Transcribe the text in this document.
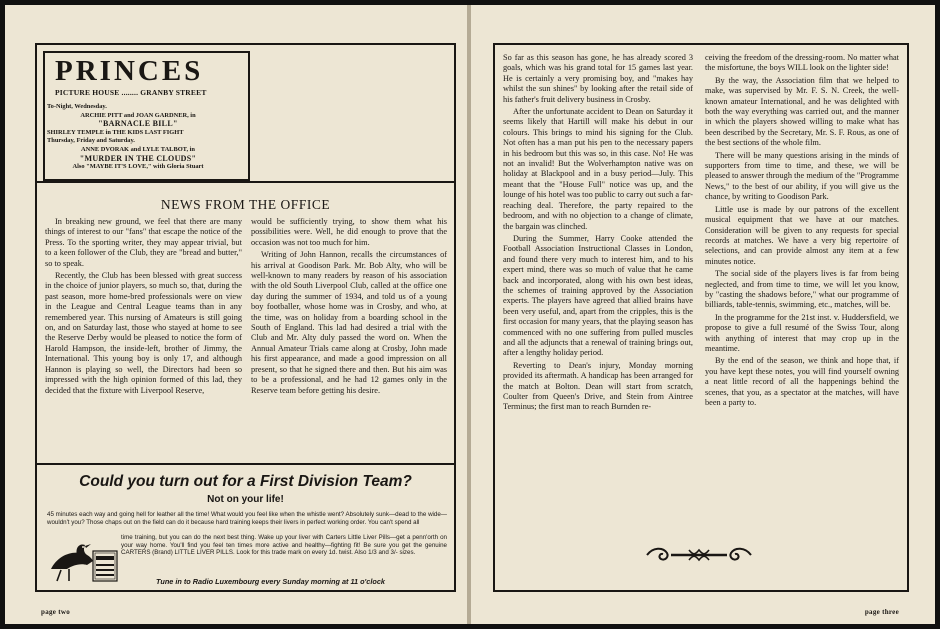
PRINCES
PICTURE HOUSE ........ GRANBY STREET
To-Night, Wednesday.
ARCHIE PITT and JOAN GARDNER, in
"BARNACLE BILL"
SHIRLEY TEMPLE in THE KIDS LAST FIGHT
Thursday, Friday and Saturday.
ANNE DVORAK and LYLE TALBOT, in
"MURDER IN THE CLOUDS"
Also "MAYBE IT'S LOVE," with Gloria Stuart
NEWS FROM THE OFFICE

In breaking new ground, we feel that there are many things of interest to our "fans" that escape the notice of the Press. To the sporting writer, they may appear trivial, but to a keen follower of the Club, they are "bread and butter," so to speak.

Recently, the Club has been blessed with great success in the choice of junior players, so much so, that, during the past season, more home-bred professionals were on view in the League and Central League teams than in any remembered year. This nursing of Amateurs is still going on, and on Saturday last, those who stayed at home to see the Reserve Derby would be pleased to notice the form of Harold Hampson, the inside-left, brother of Jimmy, the International. This young boy is only 17, and although Hannon is playing so well, the Directors had been so impressed with the high opinion formed of this lad, they decided that the fixture with Liverpool Reserve,

would be sufficiently trying, to show them what his possibilities were. Well, he did enough to prove that the occasion was not too much for him.

Writing of John Hannon, recalls the circumstances of his arrival at Goodison Park. Mr. Bob Alty, who will be well-known to many readers by reason of his association with the old South Liverpool Club, called at the office one day during the summer of 1934, and told us of a young boy footballer, whose home was in Crosby, and who, at the time, was on holiday from a boarding school in the South of England. This lad had desired a trial with the Club and Mr. Alty duly passed the word on. When the Annual Amateur Trials came along at Crosby, John made his first appearance, and made a good impression on all present, so that he signed there and then. But his aim was to be a professional, and he had 12 games only in the Reserve team before getting his desire.

Could you turn out for a First Division Team?
Not on your life!
45 minutes each way and going hell for leather all the time! What would you feel like when the whistle went? Absolutely sunk—dead to the wide—wouldn't you? Those chaps out on the field can do it because hard training keeps their livers in perfect working order. You can't spend all
time training, but you can do the next best thing. Wake up your liver with Carters Little Liver Pills—get a penn'orth on your way home. You'll find you feel ten times more active and healthy—fighting fit! Be sure you get the genuine CARTERS (Brand) LITTLE LIVER PILLS. Look for this trade mark on every 1d. twist. Also 1/3 and 3/- sizes.
Tune in to Radio Luxembourg every Sunday morning at 11 o'clock
page two

So far as this season has gone, he has already scored 3 goals, which was his grand total for 15 games last year. He is certainly a very promising boy, and "makes hay whilst the sun shines" by looking after the retail side of his father's fruit delivery business in Crosby.

After the unfortunate accident to Dean on Saturday it seems likely that Hartill will make his debut in our colours. This brings to mind his signing for the Club. Not often has a man put his pen to the necessary papers in his bedroom but this was so, in this case. No! He was not an invalid! But the Wolverhampton native was on holiday at Blackpool and in a busy period—July. This meant that the "House Full" notice was up, and the lounge of his hotel was too public to carry out such a far-reaching deal. Therefore, the party repaired to the bedroom, and with no objection to a change of climate, the bargain was clinched.

During the Summer, Harry Cooke attended the Football Association Instructional Classes in London, and found there very much to interest him, and to his expert mind, there was so much of value that he came back and incorporated, along with his own best ideas, the schemes of training approved by the Association experts. The players have agreed that allied brains have been very useful, and, apart from the cripples, this is the first occasion for many years, that the playing season has commenced with no one suffering from pulled muscles and all the adjuncts that a renewal of training brings out, after a lengthy holiday period.

Reverting to Dean's injury, Monday morning provided its aftermath. A handicap has been arranged for the match at Bolton. Dean will start from scratch, Coulter from Queen's Drive, and Stein from Aintree Terminus; the first man to reach Burnden re-

ceiving the freedom of the dressing-room. No matter what the misfortune, the boys WILL look on the lighter side!

By the way, the Association film that we helped to make, was supervised by Mr. F. S. N. Creek, the well-known amateur International, and he was delighted with both the way everything was carried out, and the manner in which the players showed willing to make what has been described by the Secretary, Mr. S. F. Rous, as one of the best sections of the whole film.

There will be many questions arising in the minds of supporters from time to time, and these, we will be pleased to answer through the medium of the "Programme News," to the best of our ability, if you will give us the chance, by writing to Goodison Park.

Little use is made by our patrons of the excellent musical equipment that we have at our matches. Consideration will be given to any requests for special records at matches. We have a very big repertoire of selections, and can provide almost any item at a few minutes notice.

The social side of the players lives is far from being neglected, and from time to time, we will let you know, by "casting the shadows before," what our programme of billiards, table-tennis, swimming, etc., matches, will be.

In the programme for the 21st inst. v. Huddersfield, we propose to give a full resumé of the Swiss Tour, along with anything of interest that may crop up in the meantime.

By the end of the season, we think and hope that, if you have kept these notes, you will find yourself owning a neat little record of all the happenings behind the scenes, that you, as a spectator at the matches, will have been a party to.

page three
